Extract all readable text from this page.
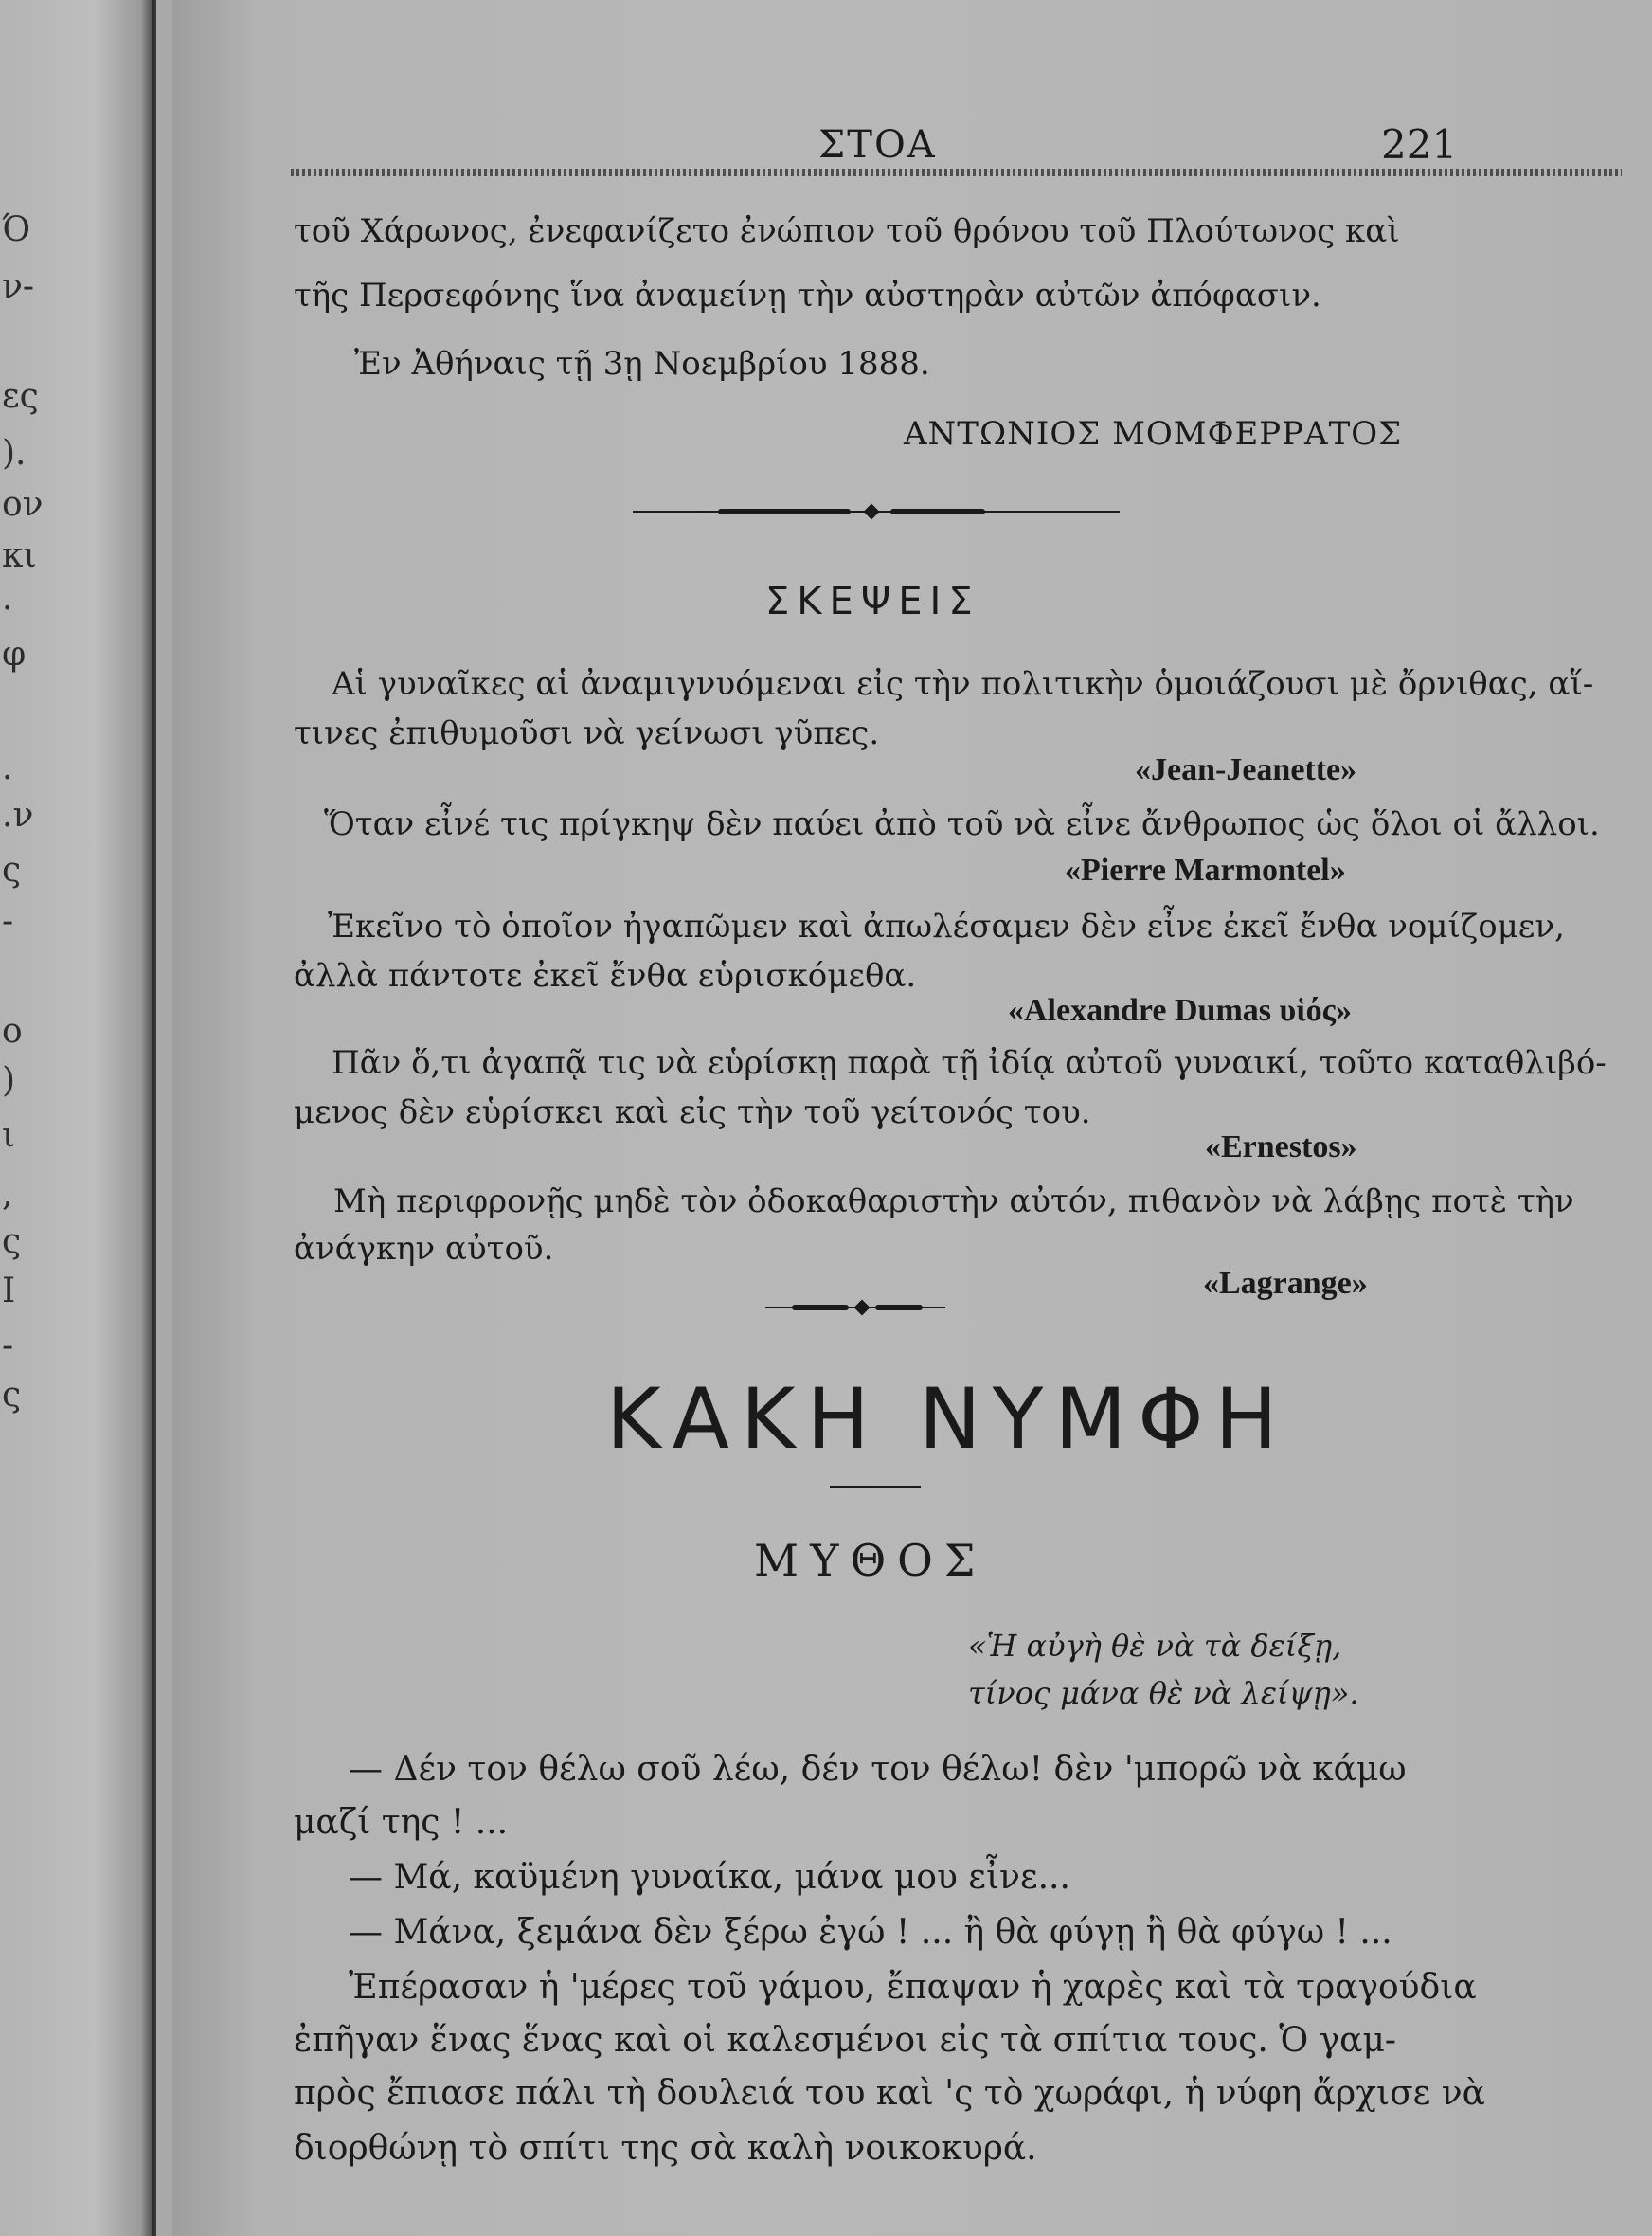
Ό
ν-
ες
).
ον
κι
·
φ
.
.ν
ς
-
ο
)
ι
,
ς
Ι
-
ς
ΣΤΟΑ	221
τοῦ Χάρωνος, ἐνεφανίζετο ἐνώπιον τοῦ θρόνου τοῦ Πλούτωνος καὶ
τῆς Περσεφόνης ἵνα ἀναμείνῃ τὴν αὐστηρὰν αὐτῶν ἀπόφασιν.
Ἐν Ἀθήναις τῇ 3ῃ Νοεμβρίου 1888.
ΑΝΤΩΝΙΟΣ ΜΟΜΦΕΡΡΑΤΟΣ
ΣΚΕΨΕΙΣ
Αἱ γυναῖκες αἱ ἀναμιγνυόμεναι εἰς τὴν πολιτικὴν ὁμοιάζουσι μὲ ὄρνιθας, αἵ-
τινες ἐπιθυμοῦσι νὰ γείνωσι γῦπες.
«Jean-Jeanette»
Ὅταν εἶνέ τις πρίγκηψ δὲν παύει ἀπὸ τοῦ νὰ εἶνε ἄνθρωπος ὡς ὅλοι οἱ ἄλλοι.
«Pierre Marmontel»
Ἐκεῖνο τὸ ὁποῖον ἠγαπῶμεν καὶ ἀπωλέσαμεν δὲν εἶνε ἐκεῖ ἔνθα νομίζομεν,
ἀλλὰ πάντοτε ἐκεῖ ἔνθα εὑρισκόμεθα.
«Alexandre Dumas υἱός»
Πᾶν ὅ,τι ἀγαπᾷ τις νὰ εὑρίσκῃ παρὰ τῇ ἰδίᾳ αὐτοῦ γυναικί, τοῦτο καταθλιβό-
μενος δὲν εὑρίσκει καὶ εἰς τὴν τοῦ γείτονός του.
«Ernestos»
Μὴ περιφρονῇς μηδὲ τὸν ὀδοκαθαριστὴν αὐτόν, πιθανὸν νὰ λάβῃς ποτὲ τὴν
ἀνάγκην αὐτοῦ.
«Lagrange»
ΚΑΚΗ ΝΥΜΦΗ
ΜΥΘΟΣ
«Ἡ αὐγὴ θὲ νὰ τὰ δείξῃ,
τίνος μάνα θὲ νὰ λείψῃ».
— Δέν τον θέλω σοῦ λέω, δέν τον θέλω! δὲν 'μπορῶ νὰ κάμω
μαζί της ! ...
— Μά, καϋμένη γυναίκα, μάνα μου εἶνε...
— Μάνα, ξεμάνα δὲν ξέρω ἐγώ ! ... ἢ θὰ φύγῃ ἢ θὰ φύγω ! ...
Ἐπέρασαν ἡ 'μέρες τοῦ γάμου, ἔπαψαν ἡ χαρὲς καὶ τὰ τραγούδια
ἐπῆγαν ἕνας ἕνας καὶ οἱ καλεσμένοι εἰς τὰ σπίτια τους. Ὁ γαμ-
πρὸς ἔπιασε πάλι τὴ δουλειά του καὶ 'ς τὸ χωράφι, ἡ νύφη ἄρχισε νὰ
διορθώνῃ τὸ σπίτι της σὰ καλὴ νοικοκυρά.
